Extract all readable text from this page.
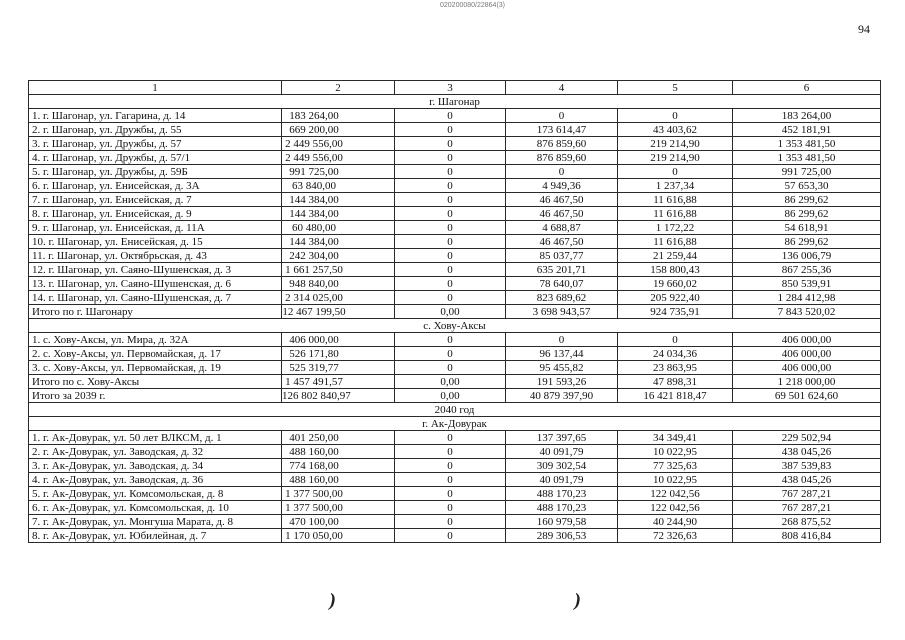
020200080/22864(3)
94
1	2	3	4	5	6
г. Шагонар					
1. г. Шагонар, ул. Гагарина, д. 14	183 264,00	0	0	0	183 264,00
2. г. Шагонар, ул. Дружбы, д. 55	669 200,00	0	173 614,47	43 403,62	452 181,91
3. г. Шагонар, ул. Дружбы, д. 57	2 449 556,00	0	876 859,60	219 214,90	1 353 481,50
4. г. Шагонар, ул. Дружбы, д. 57/1	2 449 556,00	0	876 859,60	219 214,90	1 353 481,50
5. г. Шагонар, ул. Дружбы, д. 59Б	991 725,00	0	0	0	991 725,00
6. г. Шагонар, ул. Енисейская, д. 3А	63 840,00	0	4 949,36	1 237,34	57 653,30
7. г. Шагонар, ул. Енисейская, д. 7	144 384,00	0	46 467,50	11 616,88	86 299,62
8. г. Шагонар, ул. Енисейская, д. 9	144 384,00	0	46 467,50	11 616,88	86 299,62
9. г. Шагонар, ул. Енисейская, д. 11А	60 480,00	0	4 688,87	1 172,22	54 618,91
10. г. Шагонар, ул. Енисейская, д. 15	144 384,00	0	46 467,50	11 616,88	86 299,62
11. г. Шагонар, ул. Октябрьская, д. 43	242 304,00	0	85 037,77	21 259,44	136 006,79
12. г. Шагонар, ул. Саяно-Шушенская, д. 3	1 661 257,50	0	635 201,71	158 800,43	867 255,36
13. г. Шагонар, ул. Саяно-Шушенская, д. 6	948 840,00	0	78 640,07	19 660,02	850 539,91
14. г. Шагонар, ул. Саяно-Шушенская, д. 7	2 314 025,00	0	823 689,62	205 922,40	1 284 412,98
Итого по г. Шагонару	12 467 199,50	0,00	3 698 943,57	924 735,91	7 843 520,02
с. Хову-Аксы					
1. с. Хову-Аксы, ул. Мира, д. 32А	406 000,00	0	0	0	406 000,00
2. с. Хову-Аксы, ул. Первомайская, д. 17	526 171,80	0	96 137,44	24 034,36	406 000,00
3. с. Хову-Аксы, ул. Первомайская, д. 19	525 319,77	0	95 455,82	23 863,95	406 000,00
Итого по с. Хову-Аксы	1 457 491,57	0,00	191 593,26	47 898,31	1 218 000,00
Итого за 2039 г.	126 802 840,97	0,00	40 879 397,90	16 421 818,47	69 501 624,60
2040 год					
г. Ак-Довурак					
1. г. Ак-Довурак, ул. 50 лет ВЛКСМ, д. 1	401 250,00	0	137 397,65	34 349,41	229 502,94
2. г. Ак-Довурак, ул. Заводская, д. 32	488 160,00	0	40 091,79	10 022,95	438 045,26
3. г. Ак-Довурак, ул. Заводская, д. 34	774 168,00	0	309 302,54	77 325,63	387 539,83
4. г. Ак-Довурак, ул. Заводская, д. 36	488 160,00	0	40 091,79	10 022,95	438 045,26
5. г. Ак-Довурак, ул. Комсомольская, д. 8	1 377 500,00	0	488 170,23	122 042,56	767 287,21
6. г. Ак-Довурак, ул. Комсомольская, д. 10	1 377 500,00	0	488 170,23	122 042,56	767 287,21
7. г. Ак-Довурак, ул. Монгуша Марата, д. 8	470 100,00	0	160 979,58	40 244,90	268 875,52
8. г. Ак-Довурак, ул. Юбилейная, д. 7	1 170 050,00	0	289 306,53	72 326,63	808 416,84
)	)
